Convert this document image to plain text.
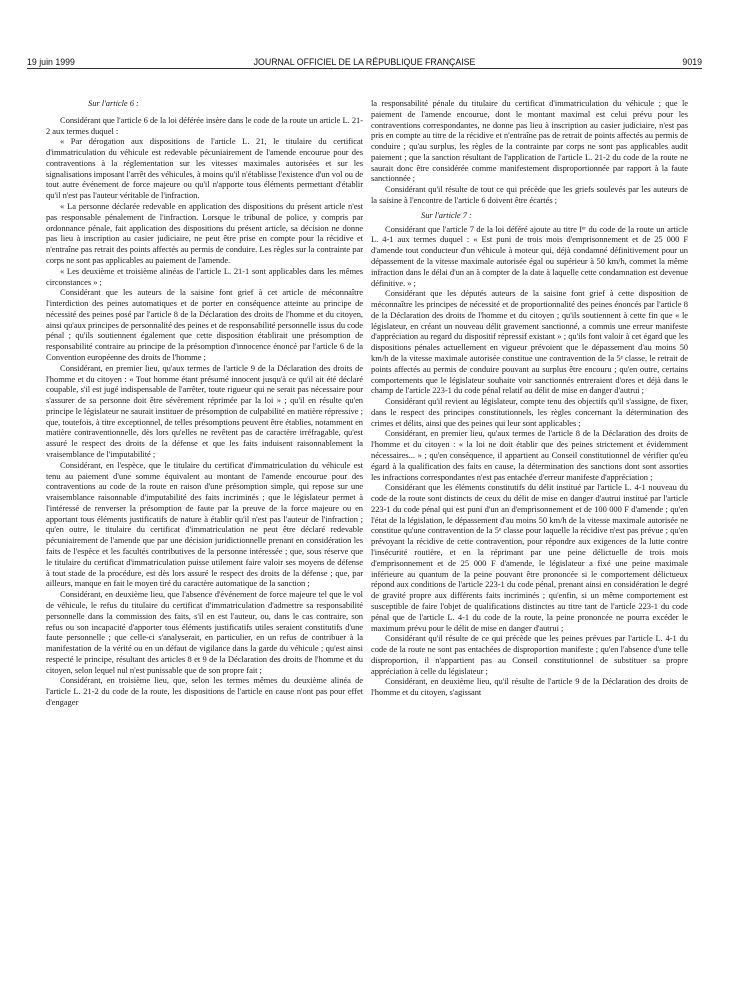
19 juin 1999	JOURNAL OFFICIEL DE LA RÉPUBLIQUE FRANÇAISE	9019

Sur l'article 6 :

Considérant que l'article 6 de la loi déférée insère dans le code de la route un article L. 21-2 aux termes duquel :

« Par dérogation aux dispositions de l'article L. 21, le titulaire du certificat d'immatriculation du véhicule est redevable pécuniairement de l'amende encourue pour des contraventions à la réglementation sur les vitesses maximales autorisées et sur les signalisations imposant l'arrêt des véhicules, à moins qu'il n'établisse l'existence d'un vol ou de tout autre événement de force majeure ou qu'il n'apporte tous éléments permettant d'établir qu'il n'est pas l'auteur véritable de l'infraction.

« La personne déclarée redevable en application des dispositions du présent article n'est pas responsable pénalement de l'infraction. Lorsque le tribunal de police, y compris par ordonnance pénale, fait application des dispositions du présent article, sa décision ne donne pas lieu à inscription au casier judiciaire, ne peut être prise en compte pour la récidive et n'entraîne pas retrait des points affectés au permis de conduire. Les règles sur la contrainte par corps ne sont pas applicables au paiement de l'amende.

« Les deuxième et troisième alinéas de l'article L. 21-1 sont applicables dans les mêmes circonstances » ;

Considérant que les auteurs de la saisine font grief à cet article de méconnaître l'interdiction des peines automatiques et de porter en conséquence atteinte au principe de nécessité des peines posé par l'article 8 de la Déclaration des droits de l'homme et du citoyen, ainsi qu'aux principes de personnalité des peines et de responsabilité personnelle issus du code pénal ; qu'ils soutiennent également que cette disposition établirait une présomption de responsabilité contraire au principe de la présomption d'innocence énoncé par l'article 6 de la Convention européenne des droits de l'homme ;

Considérant, en premier lieu, qu'aux termes de l'article 9 de la Déclaration des droits de l'homme et du citoyen : « Tout homme étant présumé innocent jusqu'à ce qu'il ait été déclaré coupable, s'il est jugé indispensable de l'arrêter, toute rigueur qui ne serait pas nécessaire pour s'assurer de sa personne doit être sévèrement réprimée par la loi » ; qu'il en résulte qu'en principe le législateur ne saurait instituer de présomption de culpabilité en matière répressive ; que, toutefois, à titre exceptionnel, de telles présomptions peuvent être établies, notamment en matière contraventionnelle, dès lors qu'elles ne revêtent pas de caractère irréfragable, qu'est assuré le respect des droits de la défense et que les faits induisent raisonnablement la vraisemblance de l'imputabilité ;

Considérant, en l'espèce, que le titulaire du certificat d'immatriculation du véhicule est tenu au paiement d'une somme équivalent au montant de l'amende encourue pour des contraventions au code de la route en raison d'une présomption simple, qui repose sur une vraisemblance raisonnable d'imputabilité des faits incriminés ; que le législateur permet à l'intéressé de renverser la présomption de faute par la preuve de la force majeure ou en apportant tous éléments justificatifs de nature à établir qu'il n'est pas l'auteur de l'infraction ; qu'en outre, le titulaire du certificat d'immatriculation ne peut être déclaré redevable pécuniairement de l'amende que par une décision juridictionnelle prenant en considération les faits de l'espèce et les facultés contributives de la personne intéressée ; que, sous réserve que le titulaire du certificat d'immatriculation puisse utilement faire valoir ses moyens de défense à tout stade de la procédure, est dès lors assuré le respect des droits de la défense ; que, par ailleurs, manque en fait le moyen tiré du caractère automatique de la sanction ;

Considérant, en deuxième lieu, que l'absence d'événement de force majeure tel que le vol de véhicule, le refus du titulaire du certificat d'immatriculation d'admettre sa responsabilité personnelle dans la commission des faits, s'il en est l'auteur, ou, dans le cas contraire, son refus ou son incapacité d'apporter tous éléments justificatifs utiles seraient constitutifs d'une faute personnelle ; que celle-ci s'analyserait, en particulier, en un refus de contribuer à la manifestation de la vérité ou en un défaut de vigilance dans la garde du véhicule ; qu'est ainsi respecté le principe, résultant des articles 8 et 9 de la Déclaration des droits de l'homme et du citoyen, selon lequel nul n'est punissable que de son propre fait ;

Considérant, en troisième lieu, que, selon les termes mêmes du deuxième alinéa de l'article L. 21-2 du code de la route, les dispositions de l'article en cause n'ont pas pour effet d'engager

la responsabilité pénale du titulaire du certificat d'immatriculation du véhicule ; que le paiement de l'amende encourue, dont le montant maximal est celui prévu pour les contraventions correspondantes, ne donne pas lieu à inscription au casier judiciaire, n'est pas pris en compte au titre de la récidive et n'entraîne pas de retrait de points affectés au permis de conduire ; qu'au surplus, les règles de la contrainte par corps ne sont pas applicables audit paiement ; que la sanction résultant de l'application de l'article L. 21-2 du code de la route ne saurait donc être considérée comme manifestement disproportionnée par rapport à la faute sanctionnée ;

Considérant qu'il résulte de tout ce qui précède que les griefs soulevés par les auteurs de la saisine à l'encontre de l'article 6 doivent être écartés ;

Sur l'article 7 :

Considérant que l'article 7 de la loi déféré ajoute au titre Iᵉʳ du code de la route un article L. 4-1 aux termes duquel : « Est puni de trois mois d'emprisonnement et de 25 000 F d'amende tout conducteur d'un véhicule à moteur qui, déjà condamné définitivement pour un dépassement de la vitesse maximale autorisée égal ou supérieur à 50 km/h, commet la même infraction dans le délai d'un an à compter de la date à laquelle cette condamnation est devenue définitive. » ;

Considérant que les députés auteurs de la saisine font grief à cette disposition de méconnaître les principes de nécessité et de proportionnalité des peines énoncés par l'article 8 de la Déclaration des droits de l'homme et du citoyen ; qu'ils soutiennent à cette fin que « le législateur, en créant un nouveau délit gravement sanctionné, a commis une erreur manifeste d'appréciation au regard du dispositif répressif existant » ; qu'ils font valoir à cet égard que les dispositions pénales actuellement en vigueur prévoient que le dépassement d'au moins 50 km/h de la vitesse maximale autorisée constitue une contravention de la 5ᵉ classe, le retrait de points affectés au permis de conduire pouvant au surplus être encouru ; qu'en outre, certains comportements que le législateur souhaite voir sanctionnés entreraient d'ores et déjà dans le champ de l'article 223-1 du code pénal relatif au délit de mise en danger d'autrui ;

Considérant qu'il revient au législateur, compte tenu des objectifs qu'il s'assigne, de fixer, dans le respect des principes constitutionnels, les règles concernant la détermination des crimes et délits, ainsi que des peines qui leur sont applicables ;

Considérant, en premier lieu, qu'aux termes de l'article 8 de la Déclaration des droits de l'homme et du citoyen : « la loi ne doit établir que des peines strictement et évidemment nécessaires... » ; qu'en conséquence, il appartient au Conseil constitutionnel de vérifier qu'eu égard à la qualification des faits en cause, la détermination des sanctions dont sont assorties les infractions correspondantes n'est pas entachée d'erreur manifeste d'appréciation ;

Considérant que les éléments constitutifs du délit institué par l'article L. 4-1 nouveau du code de la route sont distincts de ceux du délit de mise en danger d'autrui institué par l'article 223-1 du code pénal qui est puni d'un an d'emprisonnement et de 100 000 F d'amende ; qu'en l'état de la législation, le dépassement d'au moins 50 km/h de la vitesse maximale autorisée ne constitue qu'une contravention de la 5ᵉ classe pour laquelle la récidive n'est pas prévue ; qu'en prévoyant la récidive de cette contravention, pour répondre aux exigences de la lutte contre l'insécurité routière, et en la réprimant par une peine délictuelle de trois mois d'emprisonnement et de 25 000 F d'amende, le législateur a fixé une peine maximale inférieure au quantum de la peine pouvant être prononcée si le comportement délictueux répond aux conditions de l'article 223-1 du code pénal, prenant ainsi en considération le degré de gravité propre aux différents faits incriminés ; qu'enfin, si un même comportement est susceptible de faire l'objet de qualifications distinctes au titre tant de l'article 223-1 du code pénal que de l'article L. 4-1 du code de la route, la peine prononcée ne pourra excéder le maximum prévu pour le délit de mise en danger d'autrui ;

Considérant qu'il résulte de ce qui précède que les peines prévues par l'article L. 4-1 du code de la route ne sont pas entachées de disproportion manifeste ; qu'en l'absence d'une telle disproportion, il n'appartient pas au Conseil constitutionnel de substituer sa propre appréciation à celle du législateur ;

Considérant, en deuxième lieu, qu'il résulte de l'article 9 de la Déclaration des droits de l'homme et du citoyen, s'agissant
